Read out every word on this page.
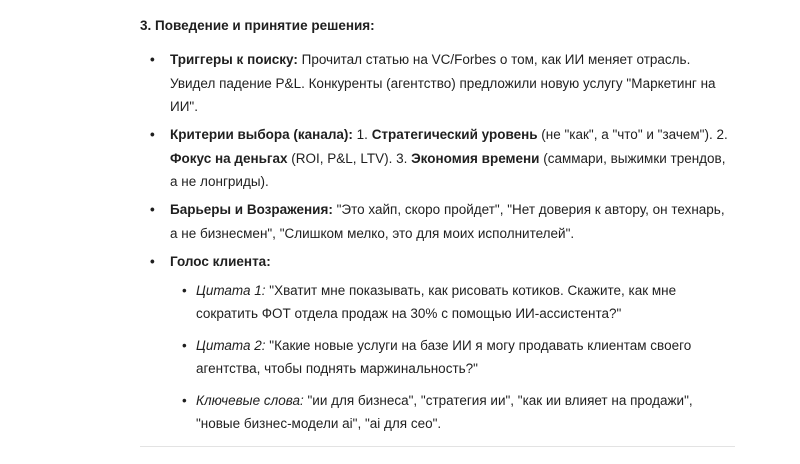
3. Поведение и принятие решения:
• Триггеры к поиску: Прочитал статью на VC/Forbes о том, как ИИ меняет отрасль. Увидел падение P&L. Конкуренты (агентство) предложили новую услугу "Маркетинг на ИИ".
• Критерии выбора (канала): 1. Стратегический уровень (не "как", а "что" и "зачем"). 2. Фокус на деньгах (ROI, P&L, LTV). 3. Экономия времени (саммари, выжимки трендов, а не лонгриды).
• Барьеры и Возражения: "Это хайп, скоро пройдет", "Нет доверия к автору, он технарь, а не бизнесмен", "Слишком мелко, это для моих исполнителей".
• Голос клиента:
• Цитата 1: "Хватит мне показывать, как рисовать котиков. Скажите, как мне сократить ФОТ отдела продаж на 30% с помощью ИИ-ассистента?"
• Цитата 2: "Какие новые услуги на базе ИИ я могу продавать клиентам своего агентства, чтобы поднять маржинальность?"
• Ключевые слова: "ии для бизнеса", "стратегия ии", "как ии влияет на продажи", "новые бизнес-модели ai", "ai для ceo".
